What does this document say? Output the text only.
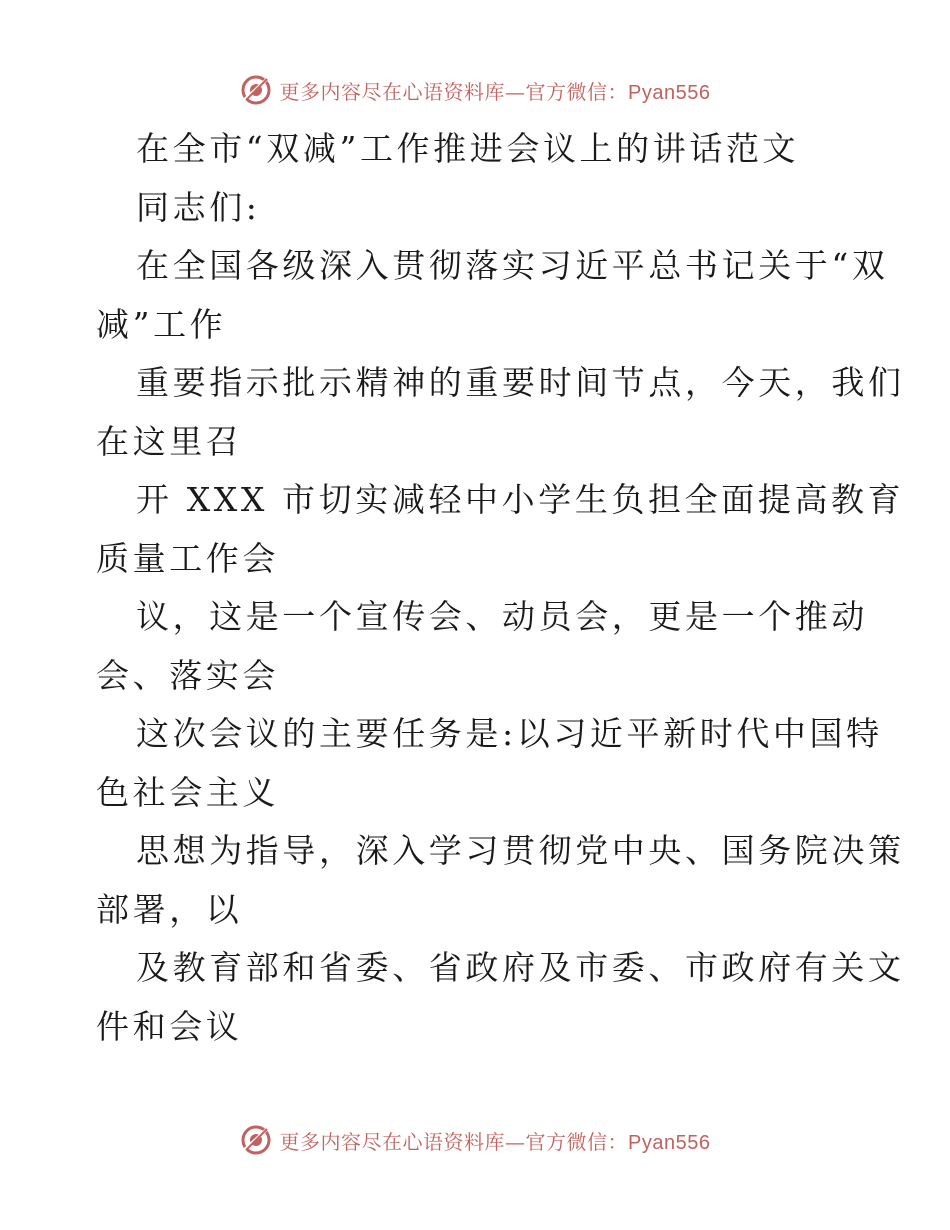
更多内容尽在心语资料库—官方微信：Pyan556
在全市“双减”工作推进会议上的讲话范文
同志们:
在全国各级深入贯彻落实习近平总书记关于“双
减”工作
重要指示批示精神的重要时间节点，今天，我们
在这里召
开 XXX 市切实减轻中小学生负担全面提高教育
质量工作会
议，这是一个宣传会、动员会，更是一个推动
会、落实会
这次会议的主要任务是:以习近平新时代中国特
色社会主义
思想为指导，深入学习贯彻党中央、国务院决策
部署，以
及教育部和省委、省政府及市委、市政府有关文
件和会议
更多内容尽在心语资料库—官方微信：Pyan556
